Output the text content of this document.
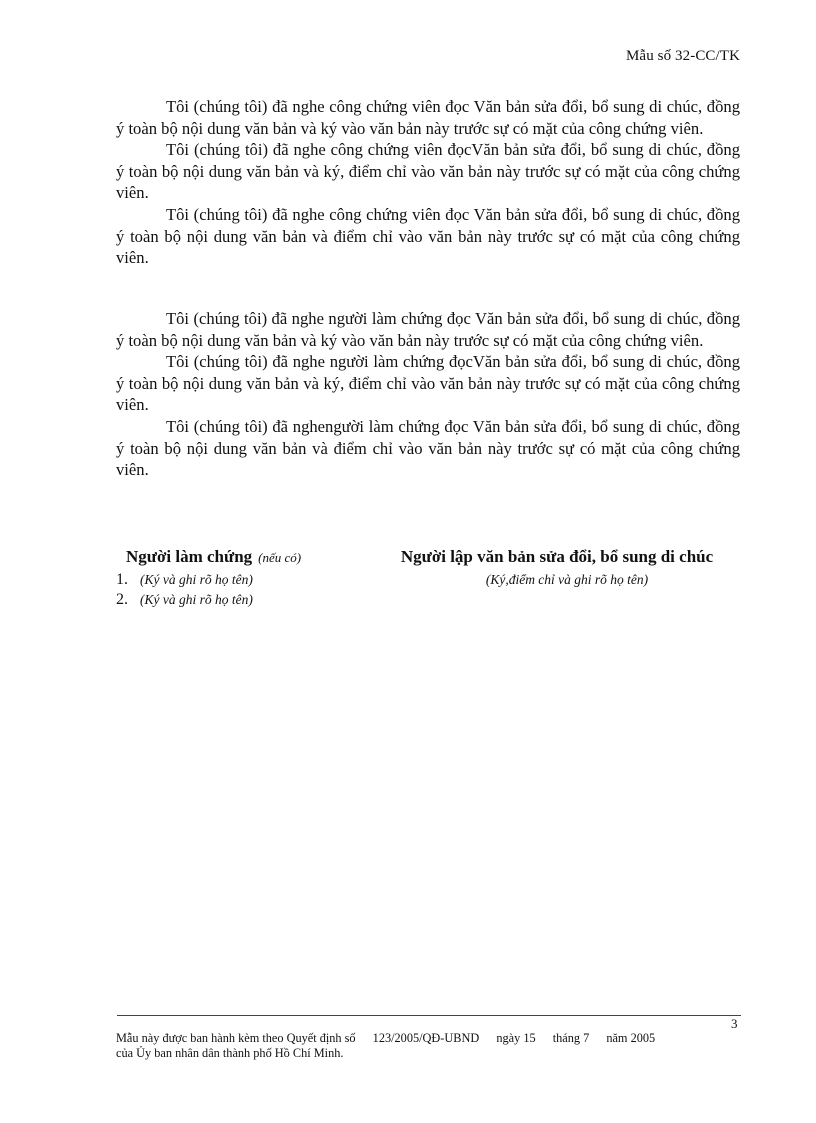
Mẫu số 32-CC/TK

Tôi (chúng tôi) đã nghe công chứng viên đọc Văn bản sửa đổi, bổ sung di chúc, đồng ý toàn bộ nội dung văn bản và ký vào văn bản này trước sự có mặt của công chứng viên.

Tôi (chúng tôi) đã nghe công chứng viên đọcVăn bản sửa đổi, bổ sung di chúc, đồng ý toàn bộ nội dung văn bản và ký, điểm chỉ vào văn bản này trước sự có mặt của công chứng viên.

Tôi (chúng tôi) đã nghe công chứng viên đọc Văn bản sửa đổi, bổ sung di chúc, đồng ý toàn bộ nội dung văn bản và điểm chỉ vào văn bản này trước sự có mặt của công chứng viên.

Tôi (chúng tôi) đã nghe người làm chứng đọc Văn bản sửa đổi, bổ sung di chúc, đồng ý toàn bộ nội dung văn bản và ký vào văn bản này trước sự có mặt của công chứng viên.

Tôi (chúng tôi) đã nghe người làm chứng đọcVăn bản sửa đổi, bổ sung di chúc, đồng ý toàn bộ nội dung văn bản và ký, điểm chỉ vào văn bản này trước sự có mặt của công chứng viên.

Tôi (chúng tôi) đã nghengười làm chứng đọc Văn bản sửa đổi, bổ sung di chúc, đồng ý toàn bộ nội dung văn bản và điểm chỉ vào văn bản này trước sự có mặt của công chứng viên.

Người làm chứng (nếu có)
1. (Ký và ghi rõ họ tên)
2. (Ký và ghi rõ họ tên)
Người lập văn bản sửa đổi, bổ sung di chúc
(Ký,điểm chỉ và ghi rõ họ tên)
3
Mẫu này được ban hành kèm theo Quyết định số 123/2005/QĐ-UBND ngày 15 tháng 7 năm 2005
của Ủy ban nhân dân thành phố Hồ Chí Minh.
